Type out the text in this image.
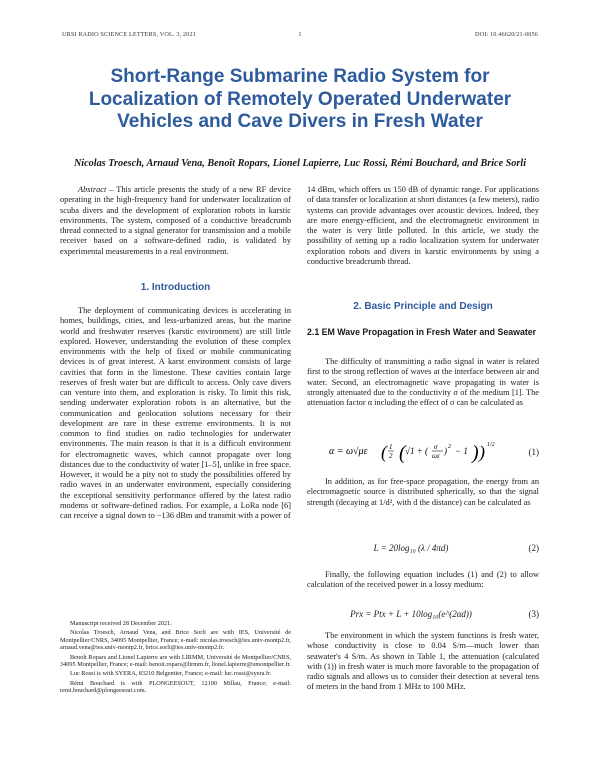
URSI RADIO SCIENCE LETTERS, VOL. 3, 2021	1	DOI: 10.46620/21-0056
Short-Range Submarine Radio System for Localization of Remotely Operated Underwater Vehicles and Cave Divers in Fresh Water
Nicolas Troesch, Arnaud Vena, Benoît Ropars, Lionel Lapierre, Luc Rossi, Rémi Bouchard, and Brice Sorli

Abstract – This article presents the study of a new RF device operating in the high-frequency band for underwater localization of scuba divers and the development of exploration robots in karstic environments. The system, composed of a conductive breadcrumb thread connected to a signal generator for transmission and a mobile receiver based on a software-defined radio, is validated by experimental measurements in a real environment.

1. Introduction

The deployment of communicating devices is accelerating in homes, buildings, cities, and less-urbanized areas, but the marine world and freshwater reserves (karstic environment) are still little explored. However, understanding the evolution of these complex environments with the help of fixed or mobile communicating devices is of great interest. A karst environment consists of large cavities that form in the limestone. These cavities contain large reserves of fresh water but are difficult to access. Only cave divers can venture into them, and exploration is risky. To limit this risk, sending underwater exploration robots is an alternative, but the communication and geolocation solutions necessary for their development are rare in these extreme environments. It is not common to find studies on radio technologies for underwater environments. The main reason is that it is a difficult environment for electromagnetic waves, which cannot propagate over long distances due to the conductivity of water [1–5], unlike in free space. However, it would be a pity not to study the possibilities offered by radio waves in an underwater environment, especially considering the exceptional sensitivity performance offered by the latest radio modems or software-defined radios. For example, a LoRa node [6] can receive a signal down to −136 dBm and transmit with a power of

Manuscript received 28 December 2021.

Nicolas Troesch, Arnaud Vena, and Brice Sorli are with IES, Université de Montpellier/CNRS, 34095 Montpellier, France; e-mail: nicolas.troesch@ies.univ-montp2.fr, arnaud.vena@ies.univ-montp2.fr, brice.sorli@ies.univ-montp2.fr.

Benoît Ropars and Lionel Lapierre are with LIRMM, Université de Montpellier/CNRS, 34095 Montpellier, France; e-mail: benoit.ropars@lirmm.fr, lionel.lapierre@umontpellier.fr.

Luc Rossi is with SYERA, 83210 Belgentier, France; e-mail: luc.rossi@syera.fr.

Rémi Bouchard is with PLONGEESOUT, 12100 Millau, France; e-mail: remi.bouchard@plongeesout.com.

14 dBm, which offers us 150 dB of dynamic range. For applications of data transfer or localization at short distances (a few meters), radio systems can provide advantages over acoustic devices. Indeed, they are more energy-efficient, and the electromagnetic environment in the water is very little polluted. In this article, we study the possibility of setting up a radio localization system for underwater exploration robots and divers in karstic environments by using a conductive breadcrumb thread.

2. Basic Principle and Design
2.1 EM Wave Propagation in Fresh Water and Seawater

The difficulty of transmitting a radio signal in water is related first to the strong reflection of waves at the interface between air and water. Second, an electromagnetic wave propagating in water is strongly attenuated due to the conductivity σ of the medium [1]. The attenuation factor α including the effect of σ can be calculated as

α = ω√με ( 1
2 ( √1 + ( σ
ωε ) 2 − 1 ) ) 1/2
(1)

In addition, as for free-space propagation, the energy from an electromagnetic source is distributed spherically, so that the signal strength (decaying at 1/d², with d the distance) can be calculated as

L = 20log₁₀ (λ / 4πd)	(2)

Finally, the following equation includes (1) and (2) to allow calculation of the received power in a lossy medium:

Prx = Ptx + L + 10log₁₀(e^(2αd))	(3)

The environment in which the system functions is fresh water, whose conductivity is close to 0.04 S/m—much lower than seawater's 4 S/m. As shown in Table 1, the attenuation (calculated with (1)) in fresh water is much more favorable to the propagation of radio signals and allows us to consider their detection at several tens of meters in the band from 1 MHz to 100 MHz.
